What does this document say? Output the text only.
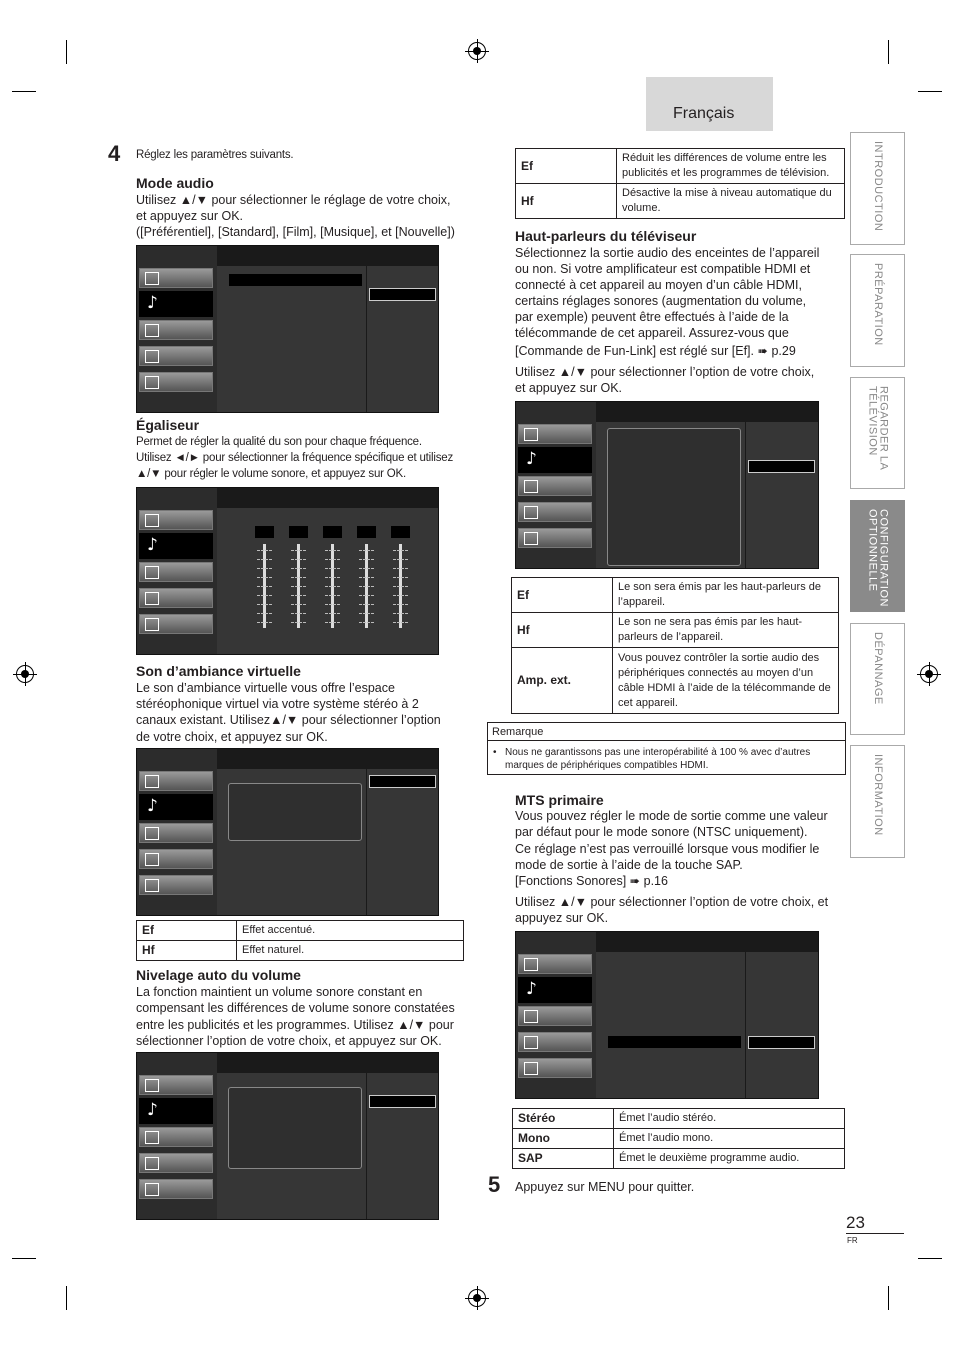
Français
INTRODUCTION
PRÉPARATION
REGARDER LA
TÉLÉVISION
CONFIGURATION
OPTIONNELLE
DÉPANNAGE
INFORMATION
4 Réglez les paramètres suivants.
Mode audio
Utilisez ▲/▼ pour sélectionner le réglage de votre choix,
et appuyez sur OK.
([Préférentiel], [Standard], [Film], [Musique], et [Nouvelle])
♪
Égaliseur
Permet de régler la qualité du son pour chaque fréquence.
Utilisez ◄/► pour sélectionner la fréquence spécifique et utilisez
▲/▼ pour régler le volume sonore, et appuyez sur OK.
♪
Son d’ambiance virtuelle
Le son d’ambiance virtuelle vous offre l’espace
stéréophonique virtuel via votre système stéréo à 2
canaux existant. Utilisez▲/▼ pour sélectionner l’option
de votre choix, et appuyez sur OK.
♪
Ef	Effet accentué.
Hf	Effet naturel.
Nivelage auto du volume
La fonction maintient un volume sonore constant en
compensant les différences de volume sonore constatées
entre les publicités et les programmes. Utilisez ▲/▼ pour
sélectionner l’option de votre choix, et appuyez sur OK.
♪
Ef	Réduit les différences de volume entre les publicités et les programmes de télévision.
Hf	Désactive la mise à niveau automatique du volume.
Haut-parleurs du téléviseur
Sélectionnez la sortie audio des enceintes de l’appareil
ou non. Si votre amplificateur est compatible HDMI et
connecté à cet appareil au moyen d’un câble HDMI,
certains réglages sonores (augmentation du volume,
par exemple) peuvent être effectués à l’aide de la
télécommande de cet appareil. Assurez-vous que
[Commande de Fun-Link] est réglé sur [Ef]. ➠ p.29
Utilisez ▲/▼ pour sélectionner l’option de votre choix,
et appuyez sur OK.
♪
Ef	Le son sera émis par les haut-parleurs de l’appareil.
Hf	Le son ne sera pas émis par les haut-parleurs de l’appareil.
Amp. ext.	Vous pouvez contrôler la sortie audio des périphériques connectés au moyen d’un câble HDMI à l’aide de la télécommande de cet appareil.
Remarque
• Nous ne garantissons pas une interopérabilité à 100 % avec d’autres
marques de périphériques compatibles HDMI.
MTS primaire
Vous pouvez régler le mode de sortie comme une valeur
par défaut pour le mode sonore (NTSC uniquement).
Ce réglage n’est pas verrouillé lorsque vous modifier le
mode de sortie à l’aide de la touche SAP.
[Fonctions Sonores] ➠ p.16
Utilisez ▲/▼ pour sélectionner l’option de votre choix, et
appuyez sur OK.
♪
Stéréo	Émet l’audio stéréo.
Mono	Émet l’audio mono.
SAP	Émet le deuxième programme audio.
5 Appuyez sur MENU pour quitter.
23
FR
